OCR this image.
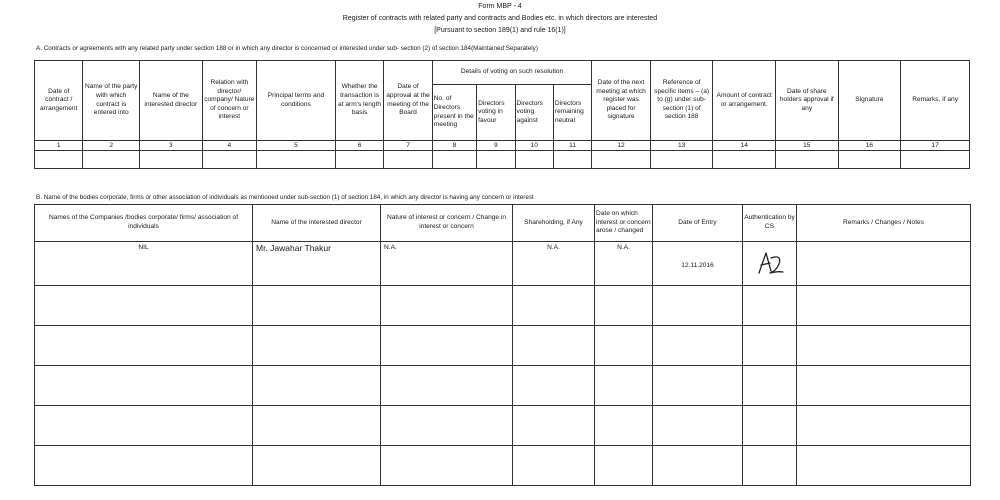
Form MBP - 4
Register of contracts with related party and contracts and Bodies etc. in which directors are interested
[Pursuant to section 189(1) and rule 16(1)]
A. Contracts or agreements with any related party under section 188 or in which any director is concerned or interested under sub- section (2) of section 184(Maintained Separately)
Date of contract / arrangement	Name of the party with which contract is entered into	Name of the interested director	Relation with director/ company/ Nature of concern or interest	Principal terms and conditions	Whether the transaction is at arm's length basis	Date of approval at the meeting of the Board	Details of voting on such resolution				Date of the next meeting at which register was placed for signature	Reference of specific items – (a) to (g) under sub-section (1) of section 188	Amount of contract or arrangement.	Date of share holders approval if any	Signature	Remarks, if any
							No. of Directors present in the meeting	Directors voting in favour	Directors voting against	Directors remaining neutral						
1	2	3	4	5	6	7	8	9	10	11	12	13	14	15	16	17

B. Name of the bodies corporate, firms or other association of individuals as mentioned under sub-section (1) of section 184, in which any director is having any concern or interest
Names of the Companies /bodies corporate/ firms/ association of individuals	Name of the interested director	Nature of interest or concern / Change in interest or concern	Shareholding, if Any	Date on which interest or concern arose / changed	Date of Entry	Authentication by CS	Remarks / Changes / Notes
NIL	Mr. Jawahar Thakur	N.A.	N.A.	N.A.	12.11.2016		
